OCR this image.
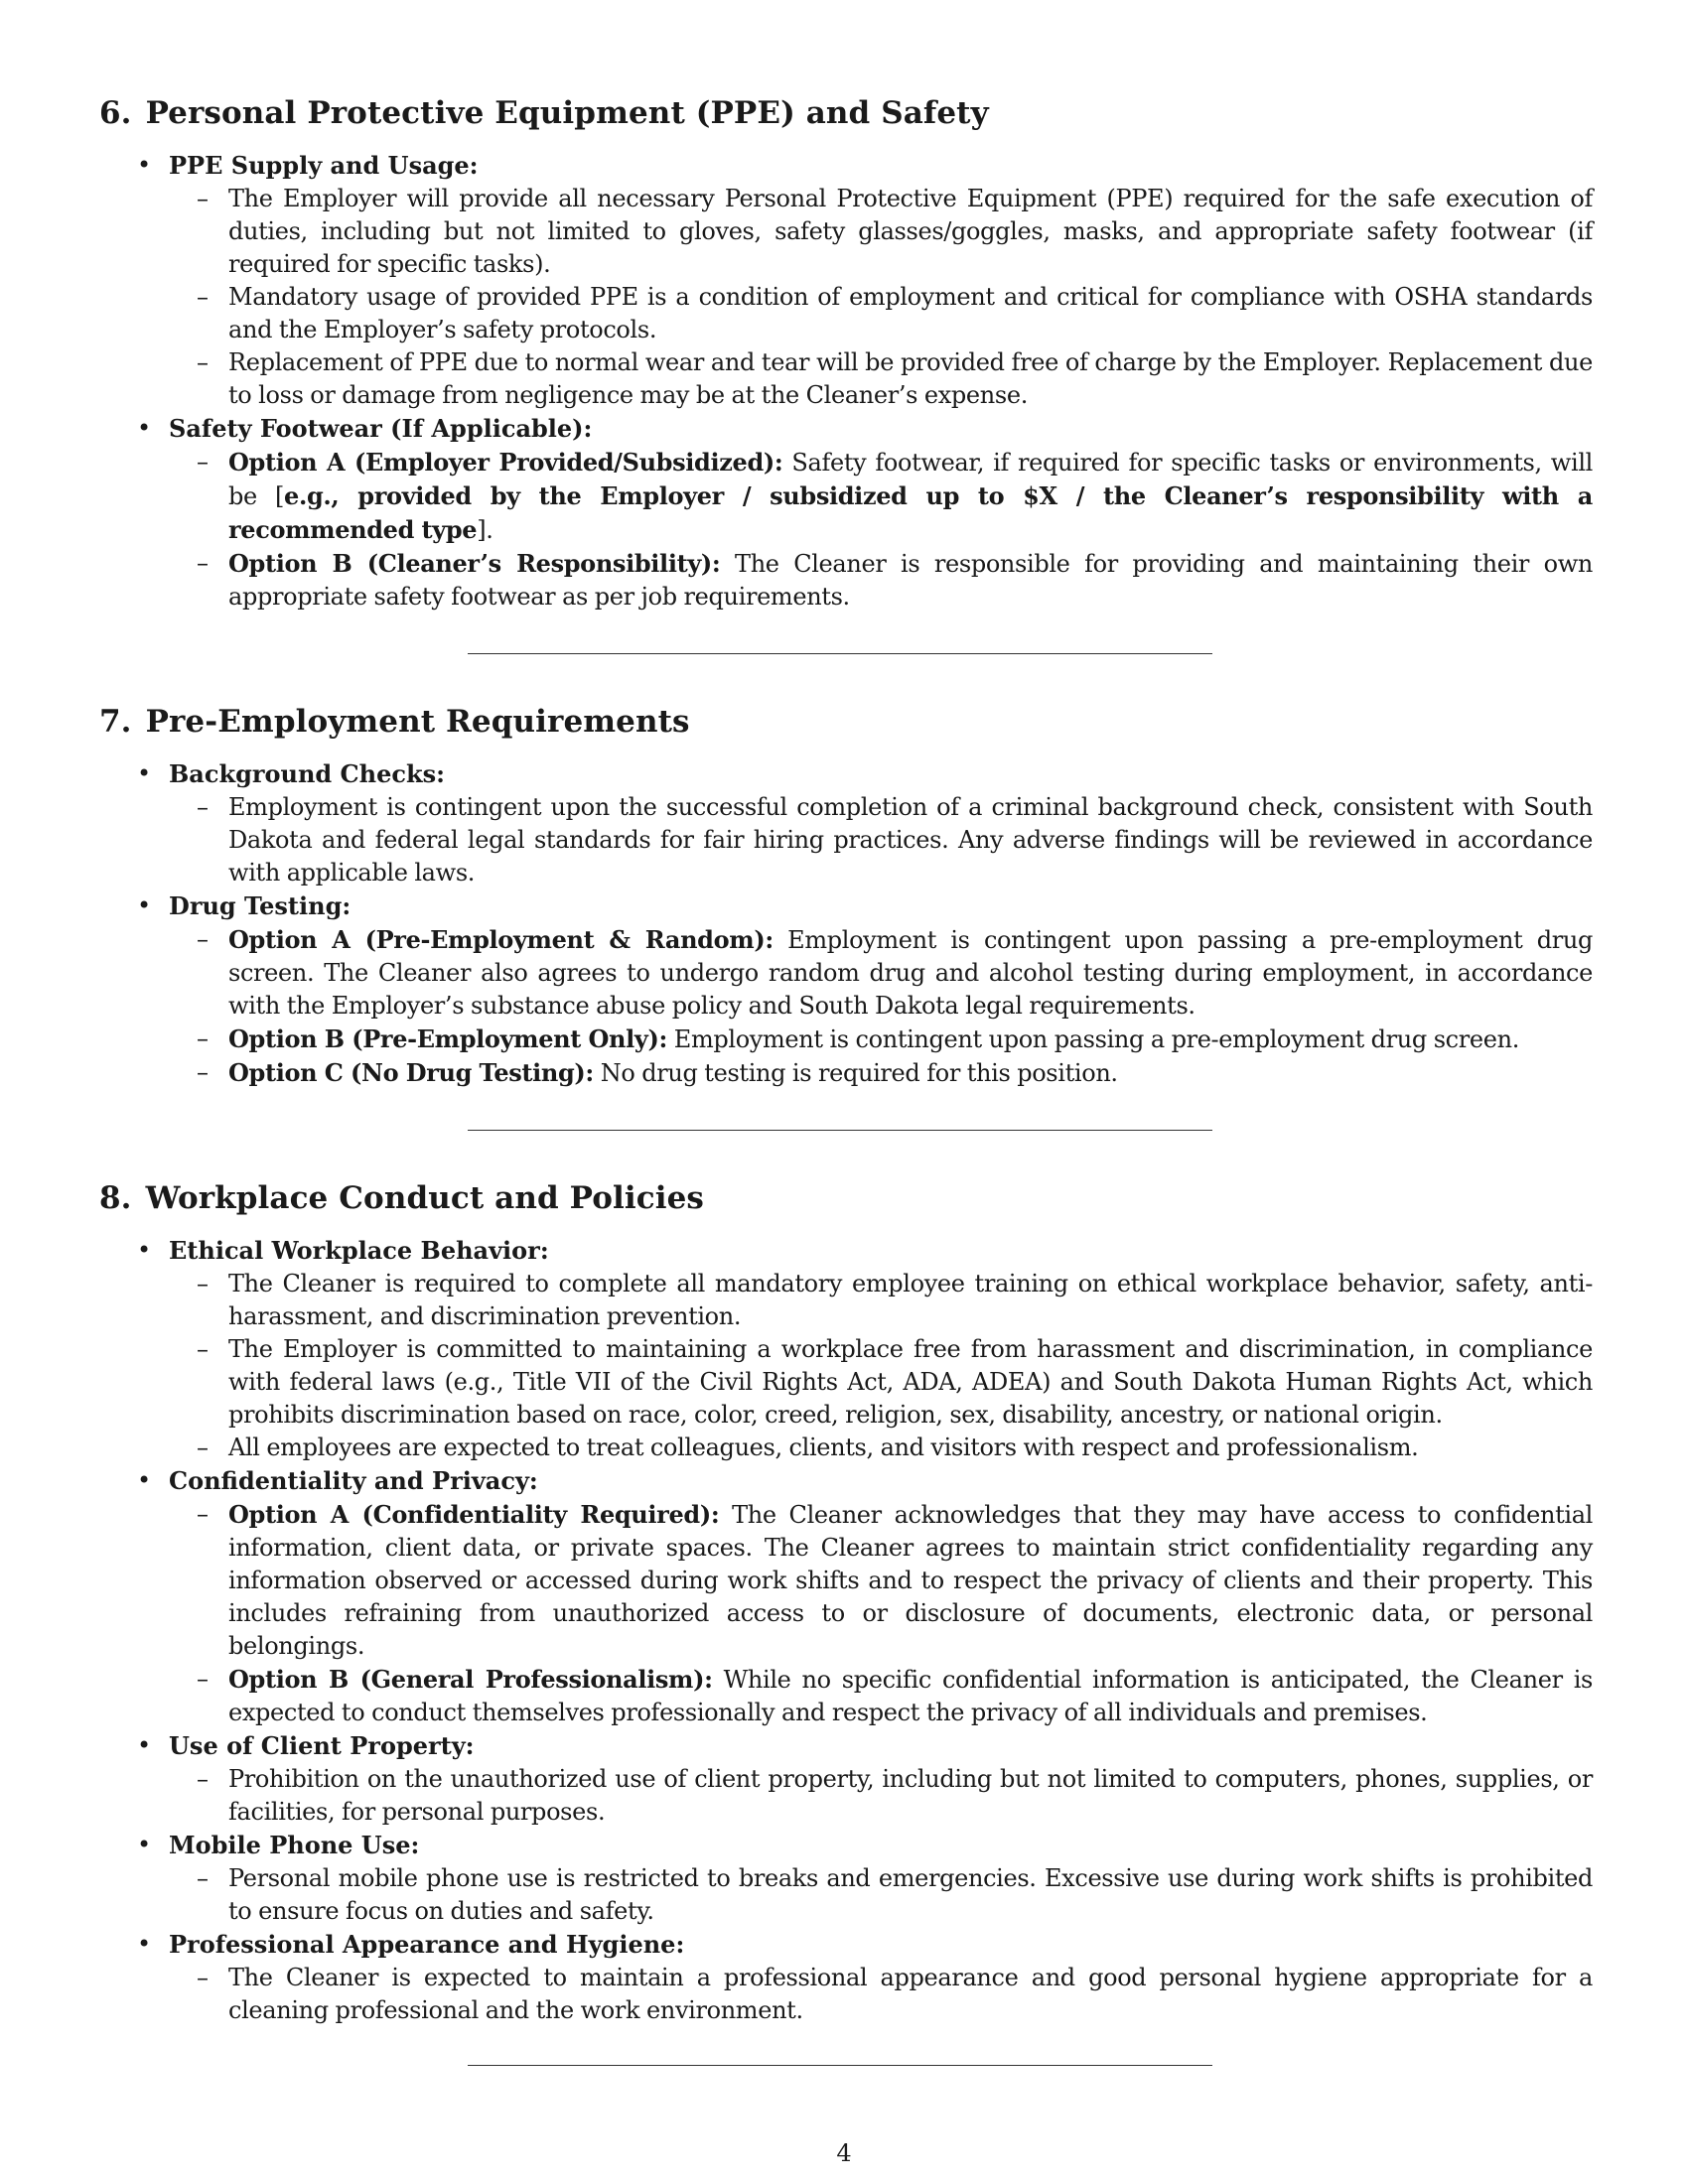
6. Personal Protective Equipment (PPE) and Safety
• PPE Supply and Usage:
– The Employer will provide all necessary Personal Protective Equipment (PPE) required for the safe execution of duties, including but not limited to gloves, safety glasses/goggles, masks, and appropriate safety footwear (if required for specific tasks).
– Mandatory usage of provided PPE is a condition of employment and critical for compliance with OSHA standards and the Employer’s safety protocols.
– Replacement of PPE due to normal wear and tear will be provided free of charge by the Employer. Replacement due to loss or damage from negligence may be at the Cleaner’s expense.
• Safety Footwear (If Applicable):
– Option A (Employer Provided/Subsidized): Safety footwear, if required for specific tasks or environments, will be [e.g., provided by the Employer / subsidized up to $X / the Cleaner’s responsibility with a recommended type].
– Option B (Cleaner’s Responsibility): The Cleaner is responsible for providing and maintaining their own appropriate safety footwear as per job requirements.
7. Pre-Employment Requirements
• Background Checks:
– Employment is contingent upon the successful completion of a criminal background check, consistent with South Dakota and federal legal standards for fair hiring practices. Any adverse findings will be reviewed in accordance with applicable laws.
• Drug Testing:
– Option A (Pre-Employment & Random): Employment is contingent upon passing a pre-employment drug screen. The Cleaner also agrees to undergo random drug and alcohol testing during employment, in accordance with the Employer’s substance abuse policy and South Dakota legal requirements.
– Option B (Pre-Employment Only): Employment is contingent upon passing a pre-employment drug screen.
– Option C (No Drug Testing): No drug testing is required for this position.
8. Workplace Conduct and Policies
• Ethical Workplace Behavior:
– The Cleaner is required to complete all mandatory employee training on ethical workplace behavior, safety, anti-harassment, and discrimination prevention.
– The Employer is committed to maintaining a workplace free from harassment and discrimination, in compliance with federal laws (e.g., Title VII of the Civil Rights Act, ADA, ADEA) and South Dakota Human Rights Act, which prohibits discrimination based on race, color, creed, religion, sex, disability, ancestry, or national origin.
– All employees are expected to treat colleagues, clients, and visitors with respect and professionalism.
• Confidentiality and Privacy:
– Option A (Confidentiality Required): The Cleaner acknowledges that they may have access to confidential information, client data, or private spaces. The Cleaner agrees to maintain strict confidentiality regarding any information observed or accessed during work shifts and to respect the privacy of clients and their property. This includes refraining from unauthorized access to or disclosure of documents, electronic data, or personal belongings.
– Option B (General Professionalism): While no specific confidential information is anticipated, the Cleaner is expected to conduct themselves professionally and respect the privacy of all individuals and premises.
• Use of Client Property:
– Prohibition on the unauthorized use of client property, including but not limited to computers, phones, supplies, or facilities, for personal purposes.
• Mobile Phone Use:
– Personal mobile phone use is restricted to breaks and emergencies. Excessive use during work shifts is prohibited to ensure focus on duties and safety.
• Professional Appearance and Hygiene:
– The Cleaner is expected to maintain a professional appearance and good personal hygiene appropriate for a cleaning professional and the work environment.
4
